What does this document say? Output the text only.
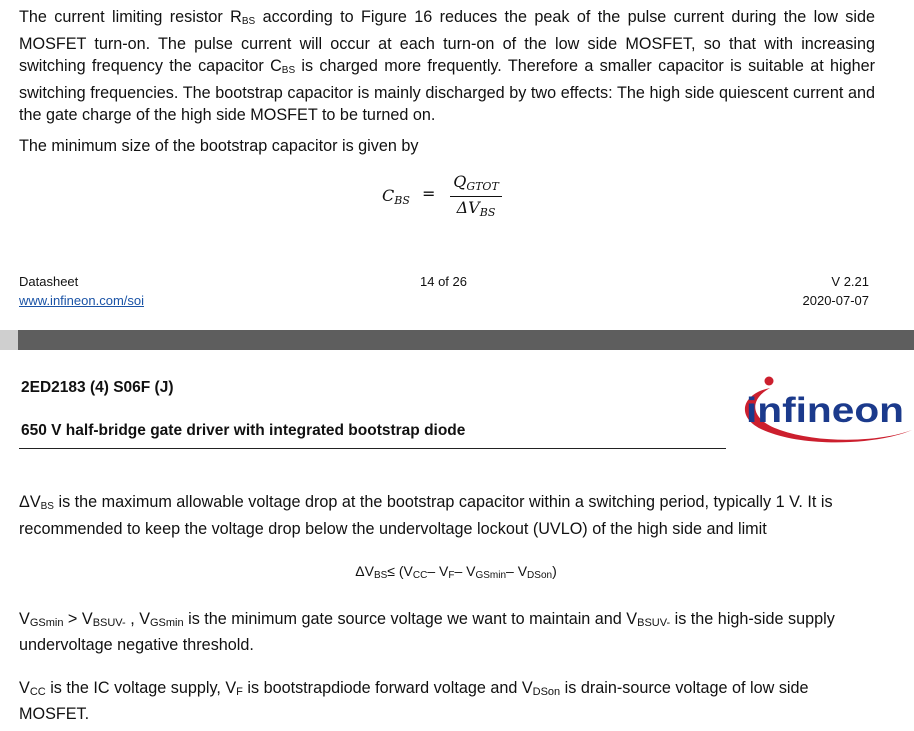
The current limiting resistor $R_{BS}$ according to Figure 16 reduces the peak of the pulse current during the low side MOSFET turn-on. The pulse current will occur at each turn-on of the low side MOSFET, so that with increasing switching frequency the capacitor $C_{BS}$ is charged more frequently. Therefore a smaller capacitor is suitable at higher switching frequencies. The bootstrap capacitor is mainly discharged by two effects: The high side quiescent current and the gate charge of the high side MOSFET to be turned on.

The minimum size of the bootstrap capacitor is given by

CBS =
QGTOT
ΔVBS
Datasheet
www.infineon.com/soi
14 of 26	V 2.21
2020-07-07
2ED2183 (4) S06F (J)
650 V half-bridge gate driver with integrated bootstrap diode
infineon

$\Delta V_{BS}$ is the maximum allowable voltage drop at the bootstrap capacitor within a switching period, typically 1 V. It is recommended to keep the voltage drop below the undervoltage lockout (UVLO) of the high side and limit

$\Delta V_{BS}\le (V_{CC}-$ $V_F-$ $V_{GSmin}-$ $V_{DSon}$)

VGSmin > VBSUV- , VGSmin is the minimum gate source voltage we want to maintain and VBSUV- is the high-side supply undervoltage negative threshold.

VCC is the IC voltage supply, VF is bootstrapdiode forward voltage and VDSon is drain-source voltage of low side MOSFET.
